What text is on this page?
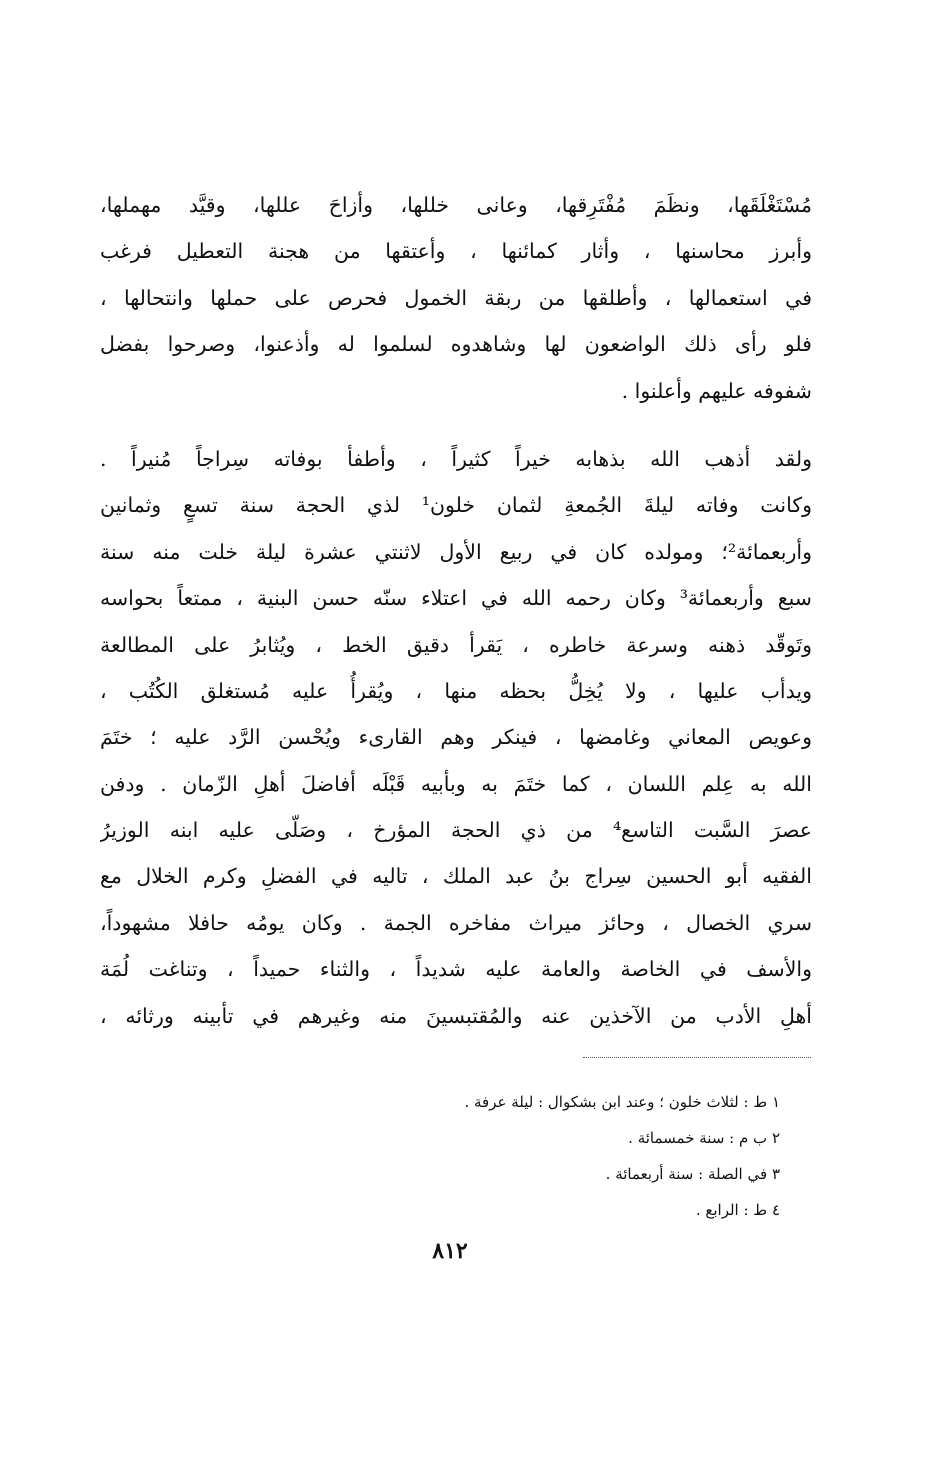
مُسْتَغْلَقَها، ونظَمَ مُفْتَرِقها، وعانى خللها، وأزاحَ عللها، وقيَّد مهملها،
وأبرز محاسنها ، وأثار كمائنها ، وأعتقها من هجنة التعطيل فرغب
في استعمالها ، وأطلقها من ربقة الخمول فحرص على حملها وانتحالها ،
فلو رأى ذلك الواضعون لها وشاهدوه لسلموا له وأذعنوا، وصرحوا بفضل
شفوفه عليهم وأعلنوا .
ولقد أذهب الله بذهابه خيراً كثيراً ، وأطفأ بوفاته سِراجاً مُنيراً .
وكانت وفاته ليلةَ الجُمعةِ لثمان خلون¹ لذي الحجة سنة تسعٍ وثمانين
وأربعمائة²؛ ومولده كان في ربيع الأول لاثنتي عشرة ليلة خلت منه سنة
سبع وأربعمائة³ وكان رحمه الله في اعتلاء سنّه حسن البنية ، ممتعاً بحواسه
وتَوقّد ذهنه وسرعة خاطره ، يَقرأ دقيق الخط ، ويُثابرُ على المطالعة
ويدأب عليها ، ولا يُخِلُّ بحظه منها ، ويُقرأُ عليه مُستغلق الكُتُب ،
وعويص المعاني وغامضها ، فينكر وهم القارىء ويُحْسن الرَّد عليه ؛ ختَمَ
الله به عِلم اللسان ، كما ختَمَ به وبأبيه قَبْلَه أفاضلَ أهلِ الزّمان . ودفن
عصرَ السَّبت التاسع⁴ من ذي الحجة المؤرخ ، وصَلّى عليه ابنه الوزيرُ
الفقيه أبو الحسين سِراج بنُ عبد الملك ، تاليه في الفضلِ وكرم الخلال مع
سري الخصال ، وحائز ميراث مفاخره الجمة . وكان يومُه حافلا مشهوداً،
والأسف في الخاصة والعامة عليه شديداً ، والثناء حميداً ، وتناغت لُمَة
أهلِ الأدب من الآخذين عنه والمُقتبسينَ منه وغيرهم في تأبينه ورثائه ،
١ ط : لثلاث خلون ؛ وعند ابن بشكوال : ليلة عرفة .
٢ ب م : سنة خمسمائة .
٣ في الصلة : سنة أربعمائة .
٤ ط : الرابع .
٨١٢
